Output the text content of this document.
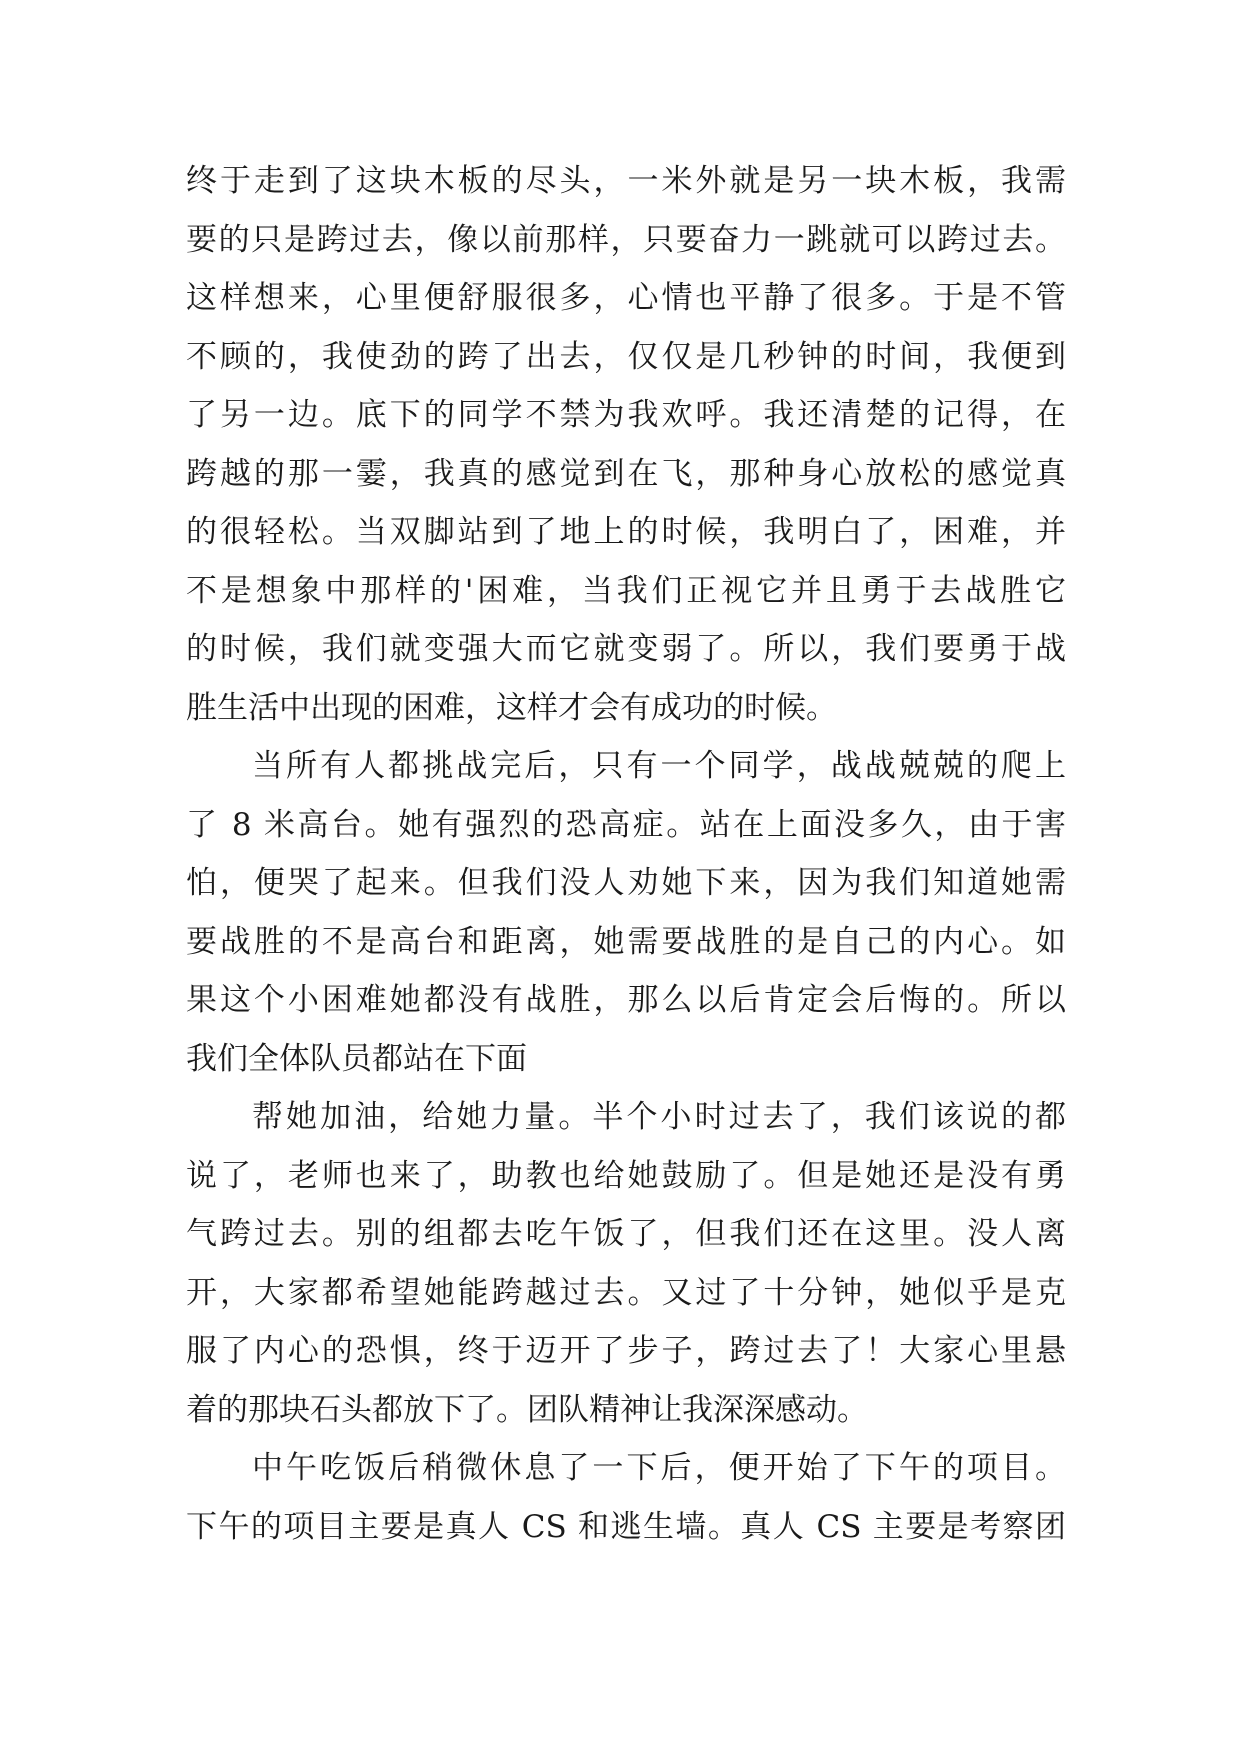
终于走到了这块木板的尽头，一米外就是另一块木板，我需
要的只是跨过去，像以前那样，只要奋力一跳就可以跨过去。
这样想来，心里便舒服很多，心情也平静了很多。于是不管
不顾的，我使劲的跨了出去，仅仅是几秒钟的时间，我便到
了另一边。底下的同学不禁为我欢呼。我还清楚的记得，在
跨越的那一霎，我真的感觉到在飞，那种身心放松的感觉真
的很轻松。当双脚站到了地上的时候，我明白了，困难，并
不是想象中那样的'困难，当我们正视它并且勇于去战胜它
的时候，我们就变强大而它就变弱了。所以，我们要勇于战
胜生活中出现的困难，这样才会有成功的时候。
当所有人都挑战完后，只有一个同学，战战兢兢的爬上
了 8 米高台。她有强烈的恐高症。站在上面没多久，由于害
怕，便哭了起来。但我们没人劝她下来，因为我们知道她需
要战胜的不是高台和距离，她需要战胜的是自己的内心。如
果这个小困难她都没有战胜，那么以后肯定会后悔的。所以
我们全体队员都站在下面
帮她加油，给她力量。半个小时过去了，我们该说的都
说了，老师也来了，助教也给她鼓励了。但是她还是没有勇
气跨过去。别的组都去吃午饭了，但我们还在这里。没人离
开，大家都希望她能跨越过去。又过了十分钟，她似乎是克
服了内心的恐惧，终于迈开了步子，跨过去了！大家心里悬
着的那块石头都放下了。团队精神让我深深感动。
中午吃饭后稍微休息了一下后，便开始了下午的项目。
下午的项目主要是真人 CS 和逃生墙。真人 CS 主要是考察团
